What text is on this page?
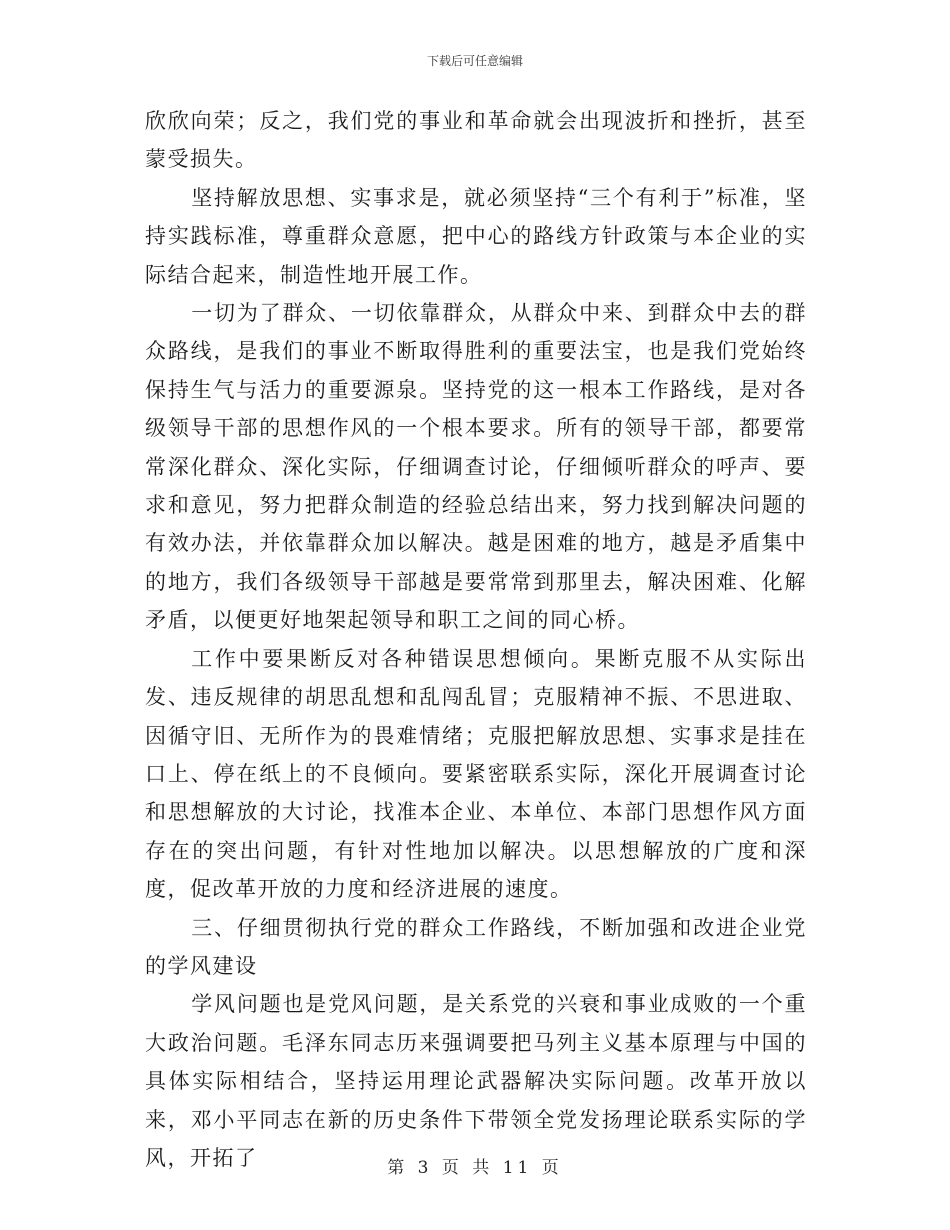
下载后可任意编辑

欣欣向荣；反之，我们党的事业和革命就会出现波折和挫折，甚至蒙受损失。

坚持解放思想、实事求是，就必须坚持“三个有利于”标准，坚持实践标准，尊重群众意愿，把中心的路线方针政策与本企业的实际结合起来，制造性地开展工作。

一切为了群众、一切依靠群众，从群众中来、到群众中去的群众路线，是我们的事业不断取得胜利的重要法宝，也是我们党始终保持生气与活力的重要源泉。坚持党的这一根本工作路线，是对各级领导干部的思想作风的一个根本要求。所有的领导干部，都要常常深化群众、深化实际，仔细调查讨论，仔细倾听群众的呼声、要求和意见，努力把群众制造的经验总结出来，努力找到解决问题的有效办法，并依靠群众加以解决。越是困难的地方，越是矛盾集中的地方，我们各级领导干部越是要常常到那里去，解决困难、化解矛盾，以便更好地架起领导和职工之间的同心桥。

工作中要果断反对各种错误思想倾向。果断克服不从实际出发、违反规律的胡思乱想和乱闯乱冒；克服精神不振、不思进取、因循守旧、无所作为的畏难情绪；克服把解放思想、实事求是挂在口上、停在纸上的不良倾向。要紧密联系实际，深化开展调查讨论和思想解放的大讨论，找准本企业、本单位、本部门思想作风方面存在的突出问题，有针对性地加以解决。以思想解放的广度和深度，促改革开放的力度和经济进展的速度。

三、仔细贯彻执行党的群众工作路线，不断加强和改进企业党的学风建设

学风问题也是党风问题，是关系党的兴衰和事业成败的一个重大政治问题。毛泽东同志历来强调要把马列主义基本原理与中国的具体实际相结合，坚持运用理论武器解决实际问题。改革开放以来，邓小平同志在新的历史条件下带领全党发扬理论联系实际的学风，开拓了	第 3 页 共 11 页
